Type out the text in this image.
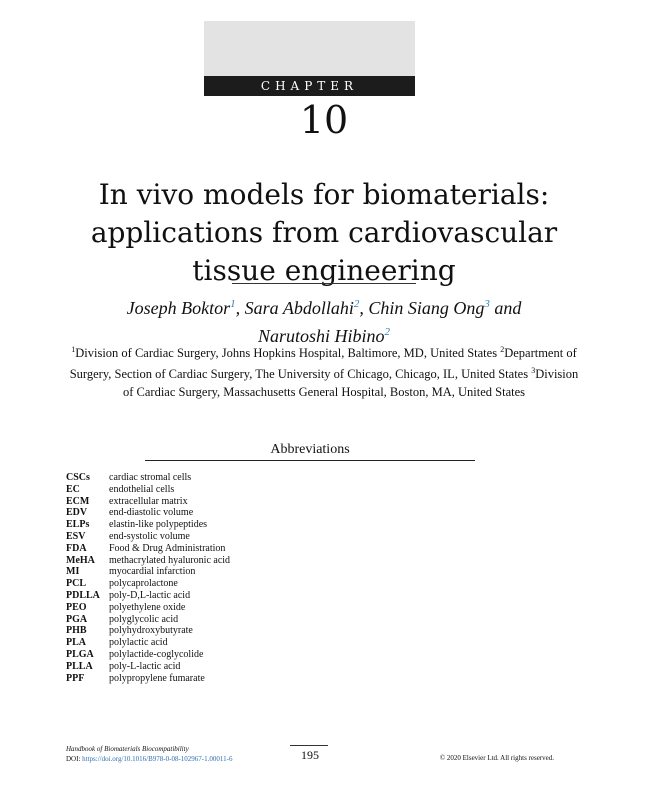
CHAPTER
10
In vivo models for biomaterials:
applications from cardiovascular
tissue engineering
Joseph Boktor$^1$, Sara Abdollahi$^2$, Chin Siang Ong$^3$ and
Narutoshi Hibino$^2$
$^1$Division of Cardiac Surgery, Johns Hopkins Hospital, Baltimore, MD, United States $^2$Department of Surgery, Section of Cardiac Surgery, The University of Chicago, Chicago, IL, United States $^3$Division of Cardiac Surgery, Massachusetts General Hospital, Boston, MA, United States
Abbreviations
CSCs	cardiac stromal cells
EC	endothelial cells
ECM	extracellular matrix
EDV	end-diastolic volume
ELPs	elastin-like polypeptides
ESV	end-systolic volume
FDA	Food & Drug Administration
MeHA	methacrylated hyaluronic acid
MI	myocardial infarction
PCL	polycaprolactone
PDLLA poly-D,L-lactic acid
PEO	polyethylene oxide
PGA	polyglycolic acid
PHB	polyhydroxybutyrate
PLA	polylactic acid
PLGA	polylactide-coglycolide
PLLA	poly-L-lactic acid
PPF	polypropylene fumarate
Handbook of Biomaterials Biocompatibility
DOI: https://doi.org/10.1016/B978-0-08-102967-1.00011-6	195	© 2020 Elsevier Ltd. All rights reserved.
